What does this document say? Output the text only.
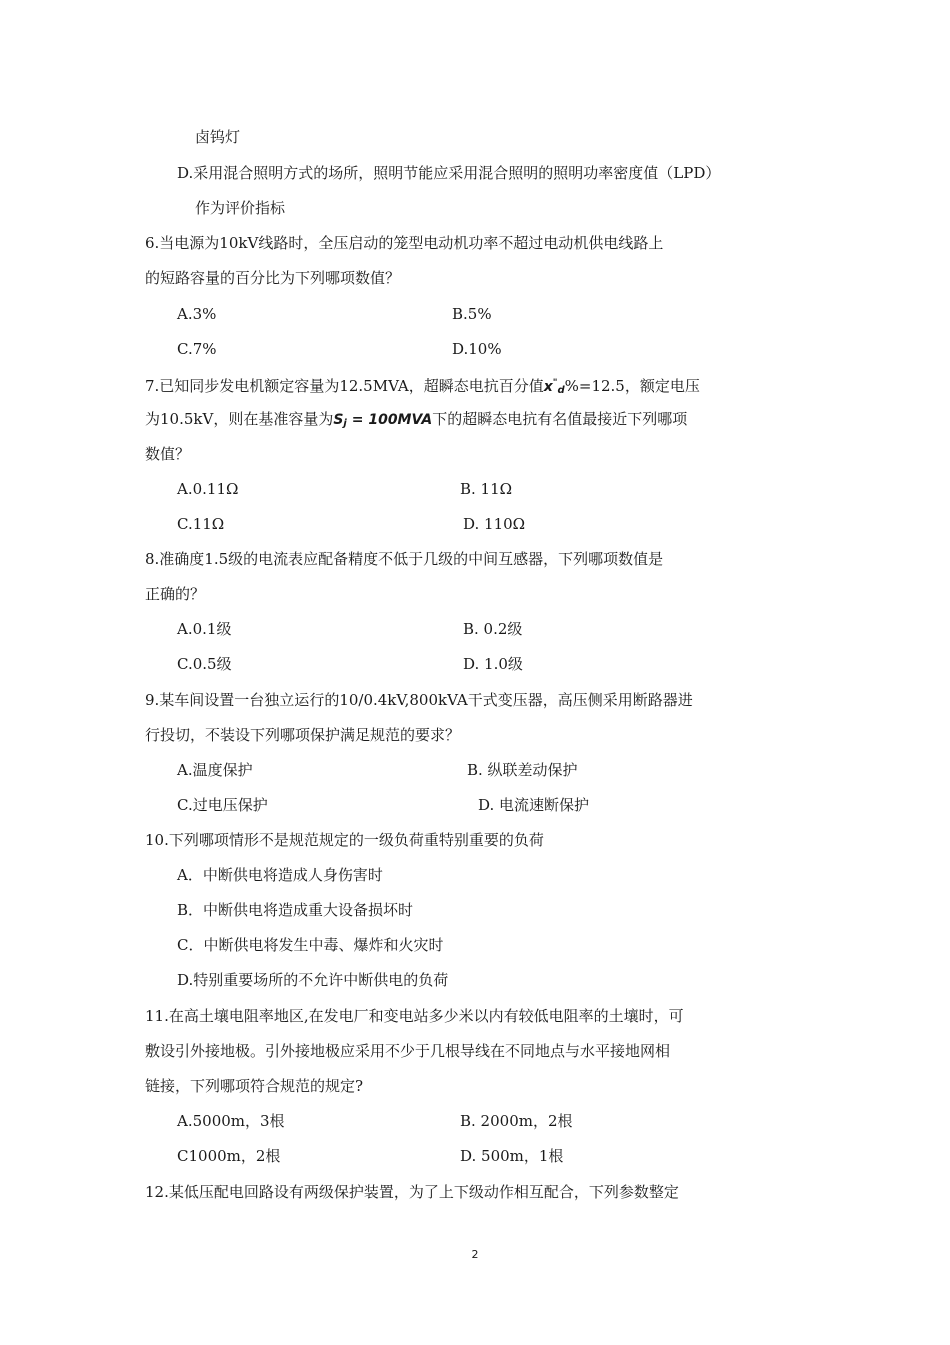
卤钨灯
D.采用混合照明方式的场所，照明节能应采用混合照明的照明功率密度值（LPD）
作为评价指标
6.当电源为10kV线路时，全压启动的笼型电动机功率不超过电动机供电线路上
的短路容量的百分比为下列哪项数值？
A.3%	B.5%
C.7%	D.10%
7.已知同步发电机额定容量为12.5MVA，超瞬态电抗百分值$x^"_d\%=12.5$，额定电压
为10.5kV，则在基准容量为$S_j = 100MVA$下的超瞬态电抗有名值最接近下列哪项
数值？
A.0.11Ω	B. 11Ω
C.11Ω	D. 110Ω
8.准确度1.5级的电流表应配备精度不低于几级的中间互感器，下列哪项数值是
正确的？
A.0.1级	B. 0.2级
C.0.5级	D. 1.0级
9.某车间设置一台独立运行的10/0.4kV,800kVA干式变压器，高压侧采用断路器进
行投切，不装设下列哪项保护满足规范的要求？
A.温度保护	B. 纵联差动保护
C.过电压保护	D. 电流速断保护
10.下列哪项情形不是规范规定的一级负荷重特别重要的负荷
A．中断供电将造成人身伤害时
B．中断供电将造成重大设备损坏时
C．中断供电将发生中毒、爆炸和火灾时
D.特别重要场所的不允许中断供电的负荷
11.在高土壤电阻率地区,在发电厂和变电站多少米以内有较低电阻率的土壤时，可
敷设引外接地极。引外接地极应采用不少于几根导线在不同地点与水平接地网相
链接，下列哪项符合规范的规定?
A.5000m，3根	B. 2000m，2根
C1000m，2根	D. 500m，1根
12.某低压配电回路设有两级保护装置，为了上下级动作相互配合，下列参数整定
2
